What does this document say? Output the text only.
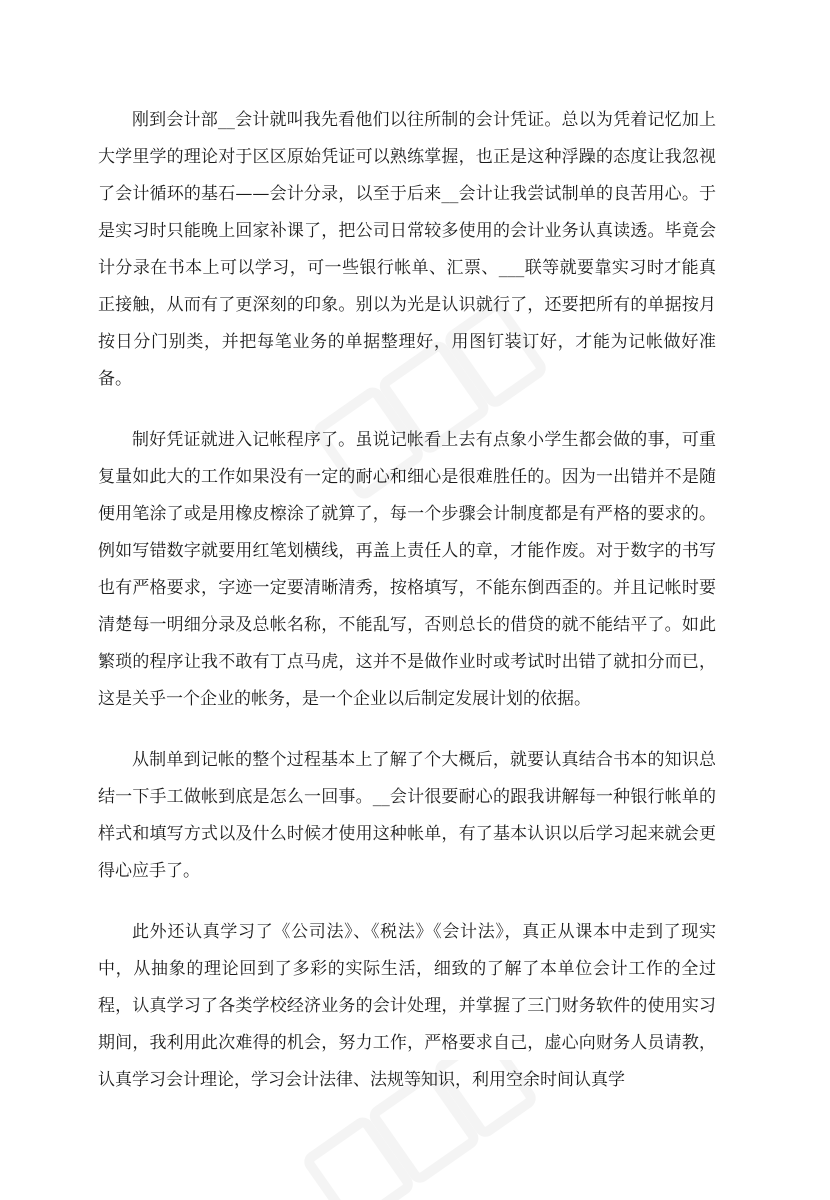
刚到会计部__会计就叫我先看他们以往所制的会计凭证。总以为凭着记忆加上大学里学的理论对于区区原始凭证可以熟练掌握，也正是这种浮躁的态度让我忽视了会计循环的基石——会计分录，以至于后来__会计让我尝试制单的良苦用心。于是实习时只能晚上回家补课了，把公司日常较多使用的会计业务认真读透。毕竟会计分录在书本上可以学习，可一些银行帐单、汇票、___联等就要靠实习时才能真正接触，从而有了更深刻的印象。别以为光是认识就行了，还要把所有的单据按月按日分门别类，并把每笔业务的单据整理好，用图钉装订好，才能为记帐做好准备。

制好凭证就进入记帐程序了。虽说记帐看上去有点象小学生都会做的事，可重复量如此大的工作如果没有一定的耐心和细心是很难胜任的。因为一出错并不是随便用笔涂了或是用橡皮檫涂了就算了，每一个步骤会计制度都是有严格的要求的。例如写错数字就要用红笔划横线，再盖上责任人的章，才能作废。对于数字的书写也有严格要求，字迹一定要清晰清秀，按格填写，不能东倒西歪的。并且记帐时要清楚每一明细分录及总帐名称，不能乱写，否则总长的借贷的就不能结平了。如此繁琐的程序让我不敢有丁点马虎，这并不是做作业时或考试时出错了就扣分而已，这是关乎一个企业的帐务，是一个企业以后制定发展计划的依据。

从制单到记帐的整个过程基本上了解了个大概后，就要认真结合书本的知识总结一下手工做帐到底是怎么一回事。__会计很要耐心的跟我讲解每一种银行帐单的样式和填写方式以及什么时候才使用这种帐单，有了基本认识以后学习起来就会更得心应手了。

此外还认真学习了《公司法》、《税法》《会计法》，真正从课本中走到了现实中，从抽象的理论回到了多彩的实际生活，细致的了解了本单位会计工作的全过程，认真学习了各类学校经济业务的会计处理，并掌握了三门财务软件的使用实习期间，我利用此次难得的机会，努力工作，严格要求自己，虚心向财务人员请教，认真学习会计理论，学习会计法律、法规等知识，利用空余时间认真学
